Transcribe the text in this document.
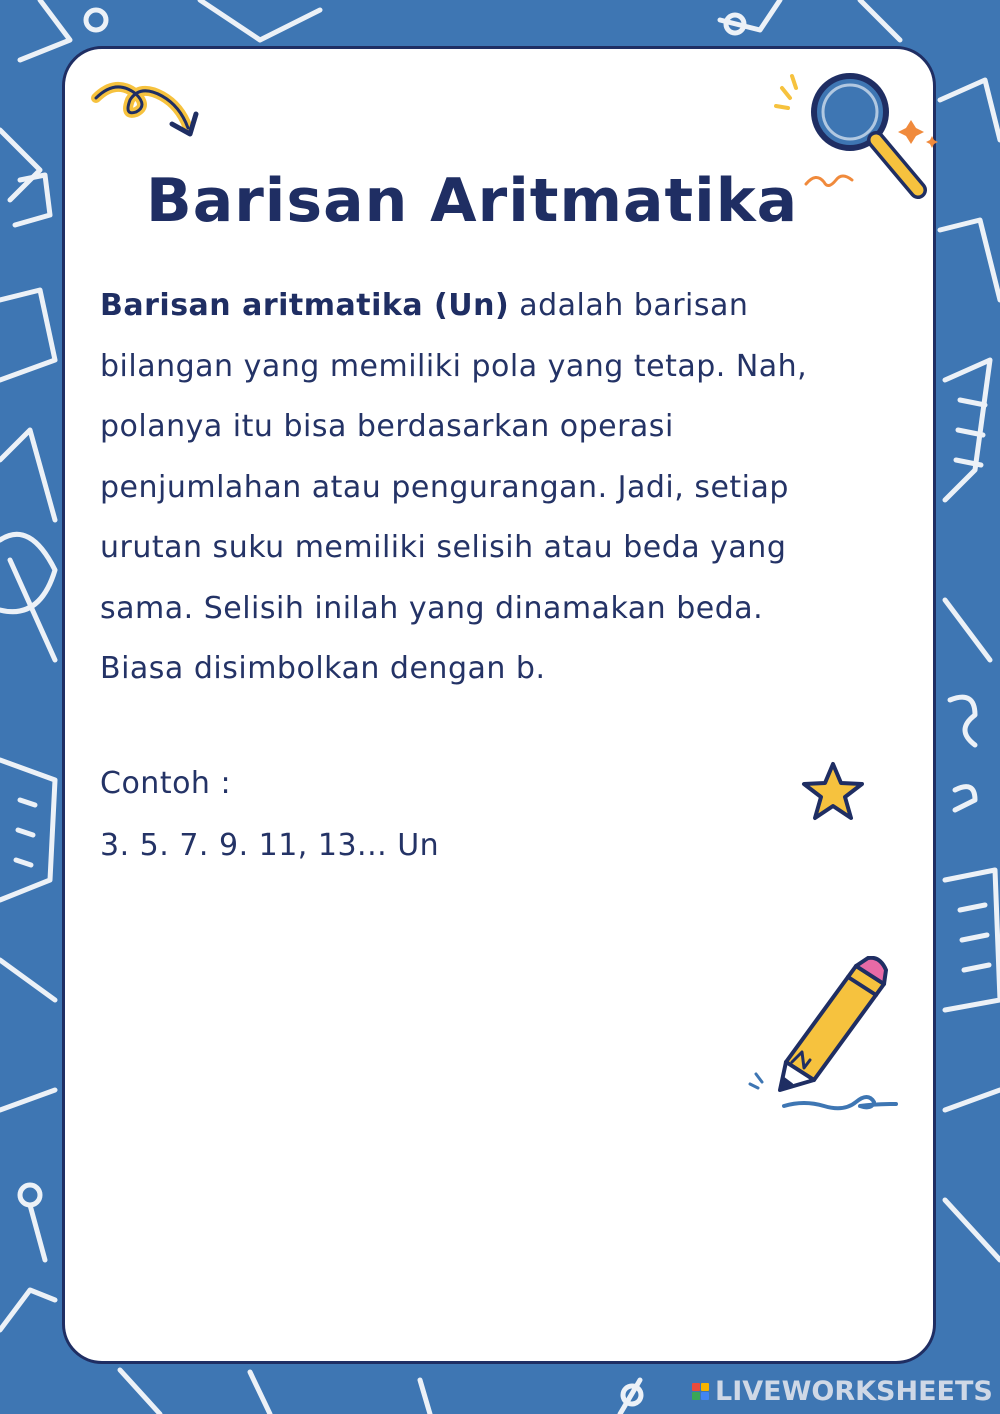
Barisan Aritmatika

Barisan aritmatika (Un) adalah barisan
bilangan yang memiliki pola yang tetap. Nah,
polanya itu bisa berdasarkan operasi
penjumlahan atau pengurangan. Jadi, setiap
urutan suku memiliki selisih atau beda yang
sama. Selisih inilah yang dinamakan beda.
Biasa disimbolkan dengan b.

Contoh :

3. 5. 7. 9. 11, 13... Un

LIVEWORKSHEETS
